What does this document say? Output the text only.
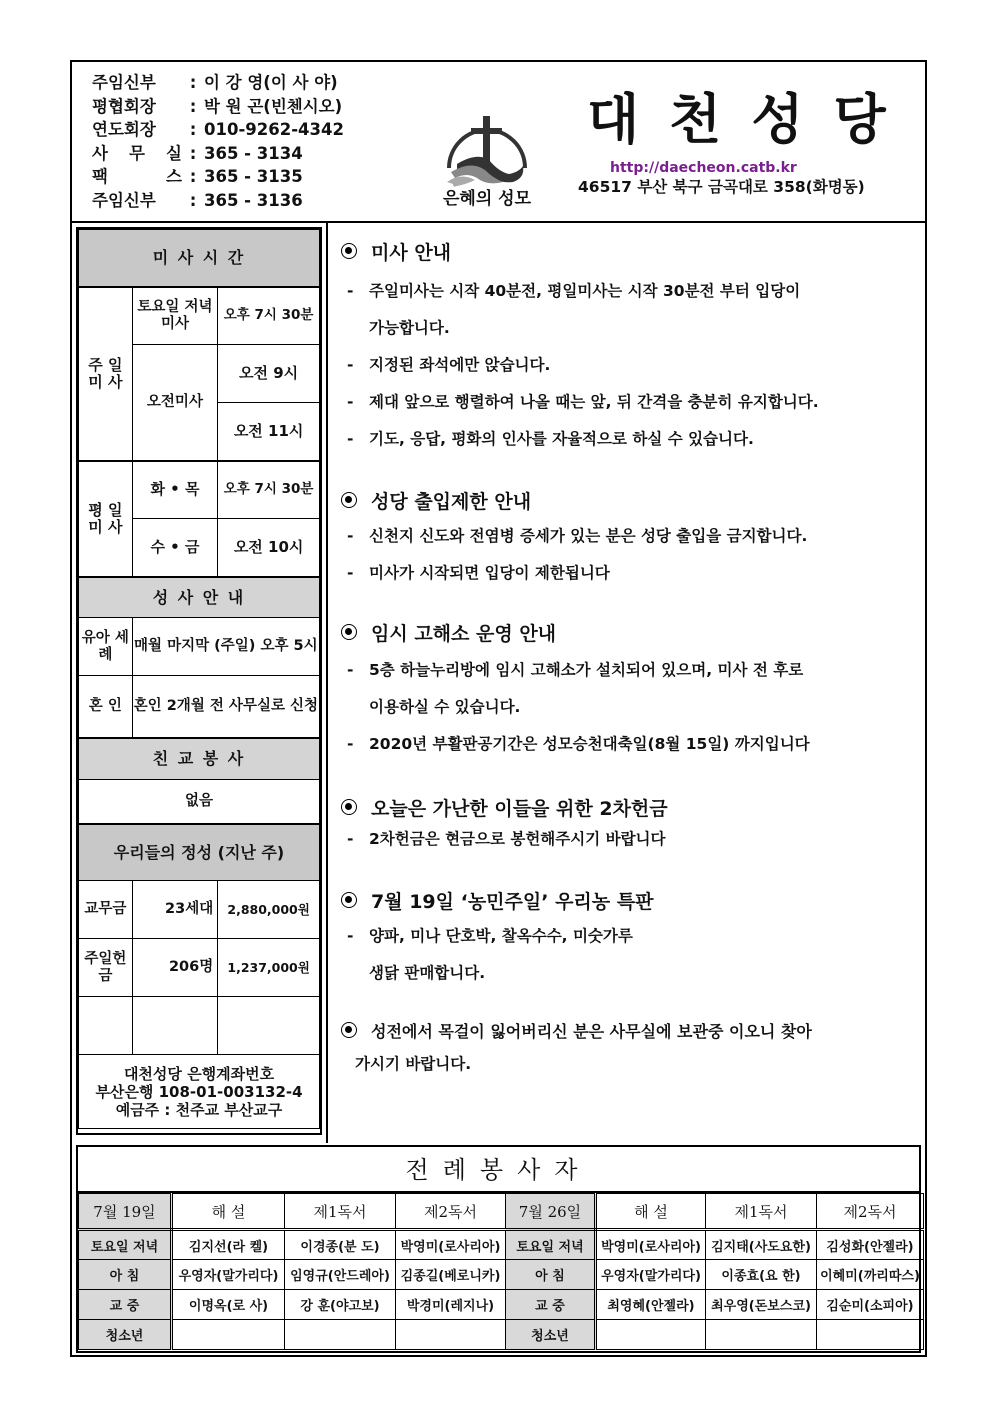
주임신부	: 이 강 영(이 사 야)
평협회장	: 박 원 곤(빈첸시오)
연도회장	: 010-9262-4342
사 무 실 : 365 - 3134
팩 스 : 365 - 3135
주임신부	: 365 - 3136	은혜의 성모
대천성당
http://daecheon.catb.kr
46517 부산 북구 금곡대로 358(화명동)
미 사 시 간		
주 일 미 사	토요일 저녁미사	오후 7시 30분
	오전미사	오전 9시
		오전 11시
평 일 미 사	화 • 목	오후 7시 30분
	수 • 금	오전 10시
성 사 안 내		
유아 세례	매월 마지막 (주일) 오후 5시	
혼 인	혼인 2개월 전 사무실로 신청	
친 교 봉 사		
없음		
우리들의 정성 (지난 주)		
교무금	23세대	2,880,000원
주일헌금	206명	1,237,000원

대천성당 은행계좌번호
부산은행 108-01-003132-4
예금주 : 천주교 부산교구		
미사 안내
- 주일미사는 시작 40분전, 평일미사는 시작 30분전 부터 입당이
가능합니다.
- 지정된 좌석에만 앉습니다.
- 제대 앞으로 행렬하여 나올 때는 앞, 뒤 간격을 충분히 유지합니다.
- 기도, 응답, 평화의 인사를 자율적으로 하실 수 있습니다.
성당 출입제한 안내
- 신천지 신도와 전염병 증세가 있는 분은 성당 출입을 금지합니다.
- 미사가 시작되면 입당이 제한됩니다
임시 고해소 운영 안내
- 5층 하늘누리방에 임시 고해소가 설치되어 있으며, 미사 전 후로
이용하실 수 있습니다.
- 2020년 부활판공기간은 성모승천대축일(8월 15일) 까지입니다
오늘은 가난한 이들을 위한 2차헌금
- 2차헌금은 현금으로 봉헌해주시기 바랍니다
7월 19일 ‘농민주일’ 우리농 특판
- 양파, 미나 단호박, 찰옥수수, 미숫가루
생닭 판매합니다.
성전에서 목걸이 잃어버리신 분은 사무실에 보관중 이오니 찾아
가시기 바랍니다.
전례봉사자
7월 19일	해 설	제1독서	제2독서	7월 26일	해 설	제1독서	제2독서
토요일 저녁	김지선(라 켈)	이경종(분 도)	박영미(로사리아)	토요일 저녁	박영미(로사리아)	김지태(사도요한)	김성화(안젤라)
아 침	우영자(말가리다)	임영규(안드레아)	김종길(베로니카)	아 침	우영자(말가리다)	이종효(요 한)	이혜미(까리따스)
교 중	이명옥(로 사)	강 훈(야고보)	박경미(레지나)	교 중	최영혜(안젤라)	최우영(돈보스코)	김순미(소피아)
청소년				청소년			
